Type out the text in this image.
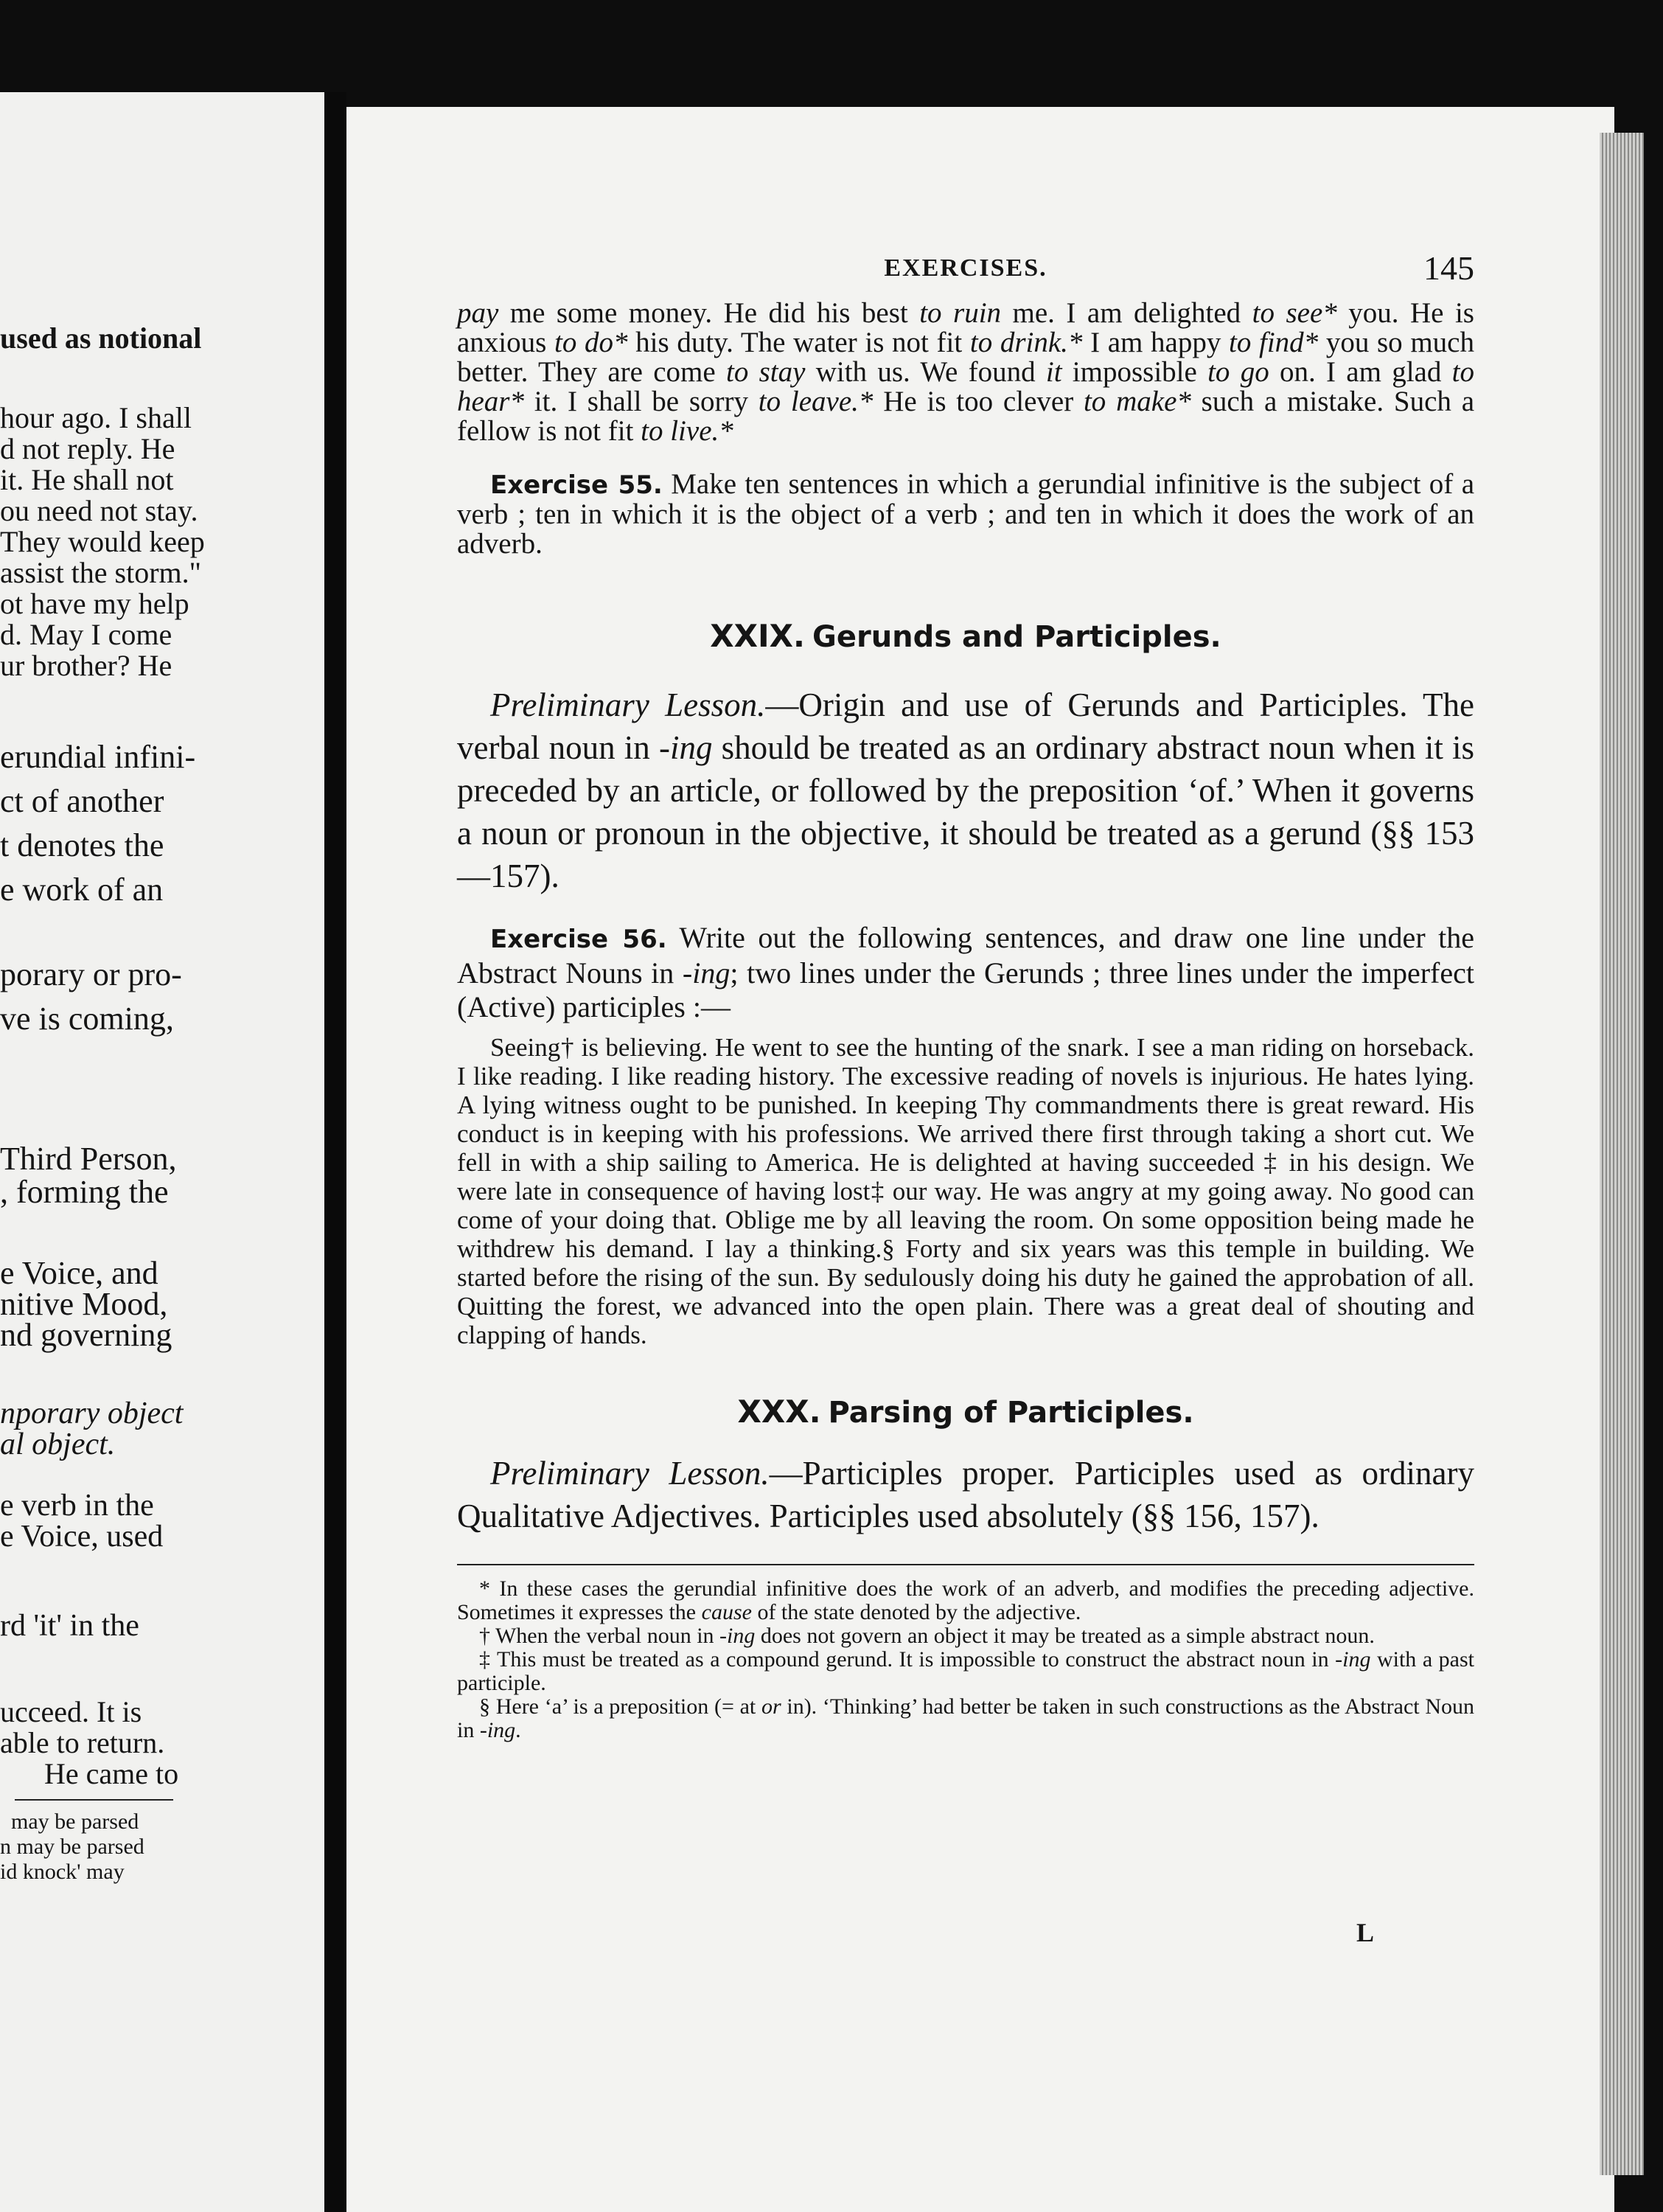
used as notional
hour ago. I shall
d not reply. He
it. He shall not
ou need not stay.
They would keep
assist the storm."
ot have my help
d. May I come
ur brother? He
erundial infini-
ct of another
t denotes the
e work of an
porary or pro-
ve is coming,
Third Person,
, forming the
e Voice, and
nitive Mood,
nd governing
nporary object
al object.
e verb in the
e Voice, used
rd 'it' in the
ucceed. It is
able to return.
He came to
may be parsed
n may be parsed
id knock' may
EXERCISES.	145

pay me some money. He did his best to ruin me. I am delighted to see* you. He is anxious to do* his duty. The water is not fit to drink.* I am happy to find* you so much better. They are come to stay with us. We found it impossible to go on. I am glad to hear* it. I shall be sorry to leave.* He is too clever to make* such a mistake. Such a fellow is not fit to live.*

Exercise 55. Make ten sentences in which a gerundial infinitive is the subject of a verb ; ten in which it is the object of a verb ; and ten in which it does the work of an adverb.

XXIX. Gerunds and Participles.

Preliminary Lesson.—Origin and use of Gerunds and Participles. The verbal noun in -ing should be treated as an ordinary abstract noun when it is preceded by an article, or followed by the preposition ‘of.’ When it governs a noun or pronoun in the objective, it should be treated as a gerund (§§ 153—157).

Exercise 56. Write out the following sentences, and draw one line under the Abstract Nouns in -ing; two lines under the Gerunds ; three lines under the imperfect (Active) participles :—

Seeing† is believing. He went to see the hunting of the snark. I see a man riding on horseback. I like reading. I like reading history. The excessive reading of novels is injurious. He hates lying. A lying witness ought to be punished. In keeping Thy commandments there is great reward. His conduct is in keeping with his professions. We arrived there first through taking a short cut. We fell in with a ship sailing to America. He is delighted at having succeeded ‡ in his design. We were late in consequence of having lost‡ our way. He was angry at my going away. No good can come of your doing that. Oblige me by all leaving the room. On some opposition being made he withdrew his demand. I lay a thinking.§ Forty and six years was this temple in building. We started before the rising of the sun. By sedulously doing his duty he gained the approbation of all. Quitting the forest, we advanced into the open plain. There was a great deal of shouting and clapping of hands.

XXX. Parsing of Participles.

Preliminary Lesson.—Participles proper. Participles used as ordinary Qualitative Adjectives. Participles used absolutely (§§ 156, 157).

* In these cases the gerundial infinitive does the work of an adverb, and modifies the preceding adjective. Sometimes it expresses the cause of the state denoted by the adjective.

† When the verbal noun in -ing does not govern an object it may be treated as a simple abstract noun.

‡ This must be treated as a compound gerund. It is impossible to construct the abstract noun in -ing with a past participle.

§ Here ‘a’ is a preposition (= at or in). ‘Thinking’ had better be taken in such constructions as the Abstract Noun in -ing.

L
